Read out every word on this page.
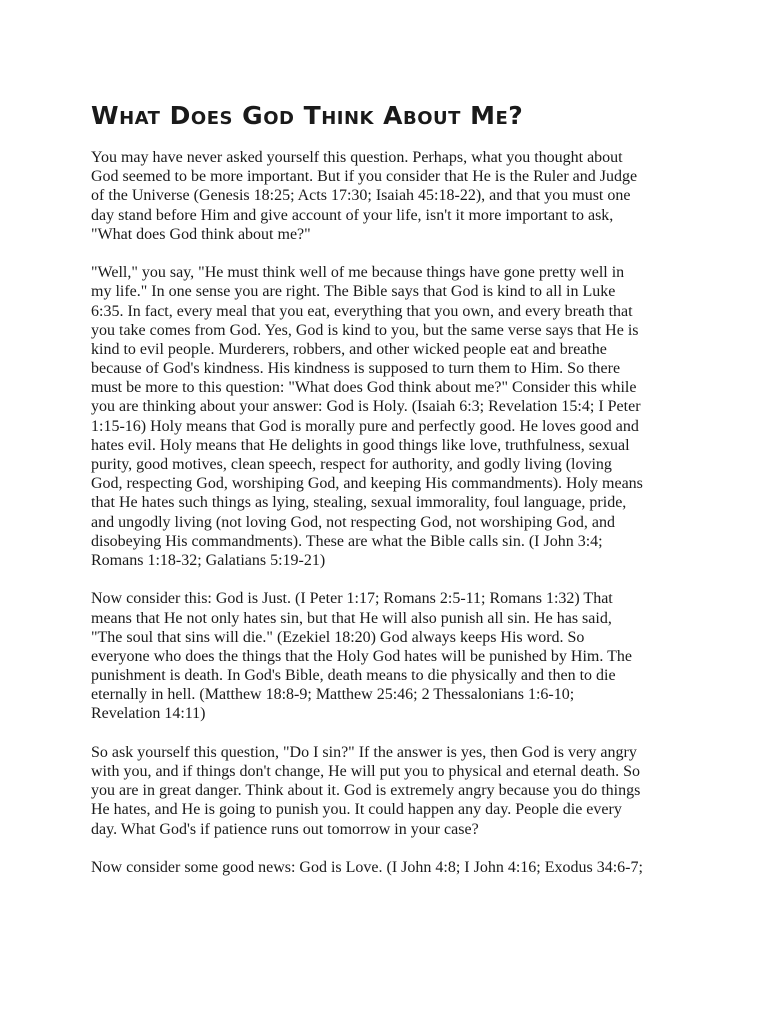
What Does God Think About Me?

You may have never asked yourself this question. Perhaps, what you thought about
God seemed to be more important. But if you consider that He is the Ruler and Judge
of the Universe (Genesis 18:25; Acts 17:30; Isaiah 45:18-22), and that you must one
day stand before Him and give account of your life, isn't it more important to ask,
"What does God think about me?"

"Well," you say, "He must think well of me because things have gone pretty well in
my life." In one sense you are right. The Bible says that God is kind to all in Luke
6:35. In fact, every meal that you eat, everything that you own, and every breath that
you take comes from God. Yes, God is kind to you, but the same verse says that He is
kind to evil people. Murderers, robbers, and other wicked people eat and breathe
because of God's kindness. His kindness is supposed to turn them to Him. So there
must be more to this question: "What does God think about me?" Consider this while
you are thinking about your answer: God is Holy. (Isaiah 6:3; Revelation 15:4; I Peter
1:15-16) Holy means that God is morally pure and perfectly good. He loves good and
hates evil. Holy means that He delights in good things like love, truthfulness, sexual
purity, good motives, clean speech, respect for authority, and godly living (loving
God, respecting God, worshiping God, and keeping His commandments). Holy means
that He hates such things as lying, stealing, sexual immorality, foul language, pride,
and ungodly living (not loving God, not respecting God, not worshiping God, and
disobeying His commandments). These are what the Bible calls sin. (I John 3:4;
Romans 1:18-32; Galatians 5:19-21)

Now consider this: God is Just. (I Peter 1:17; Romans 2:5-11; Romans 1:32) That
means that He not only hates sin, but that He will also punish all sin. He has said,
"The soul that sins will die." (Ezekiel 18:20) God always keeps His word. So
everyone who does the things that the Holy God hates will be punished by Him. The
punishment is death. In God's Bible, death means to die physically and then to die
eternally in hell. (Matthew 18:8-9; Matthew 25:46; 2 Thessalonians 1:6-10;
Revelation 14:11)

So ask yourself this question, "Do I sin?" If the answer is yes, then God is very angry
with you, and if things don't change, He will put you to physical and eternal death. So
you are in great danger. Think about it. God is extremely angry because you do things
He hates, and He is going to punish you. It could happen any day. People die every
day. What God's if patience runs out tomorrow in your case?

Now consider some good news: God is Love. (I John 4:8; I John 4:16; Exodus 34:6-7;
